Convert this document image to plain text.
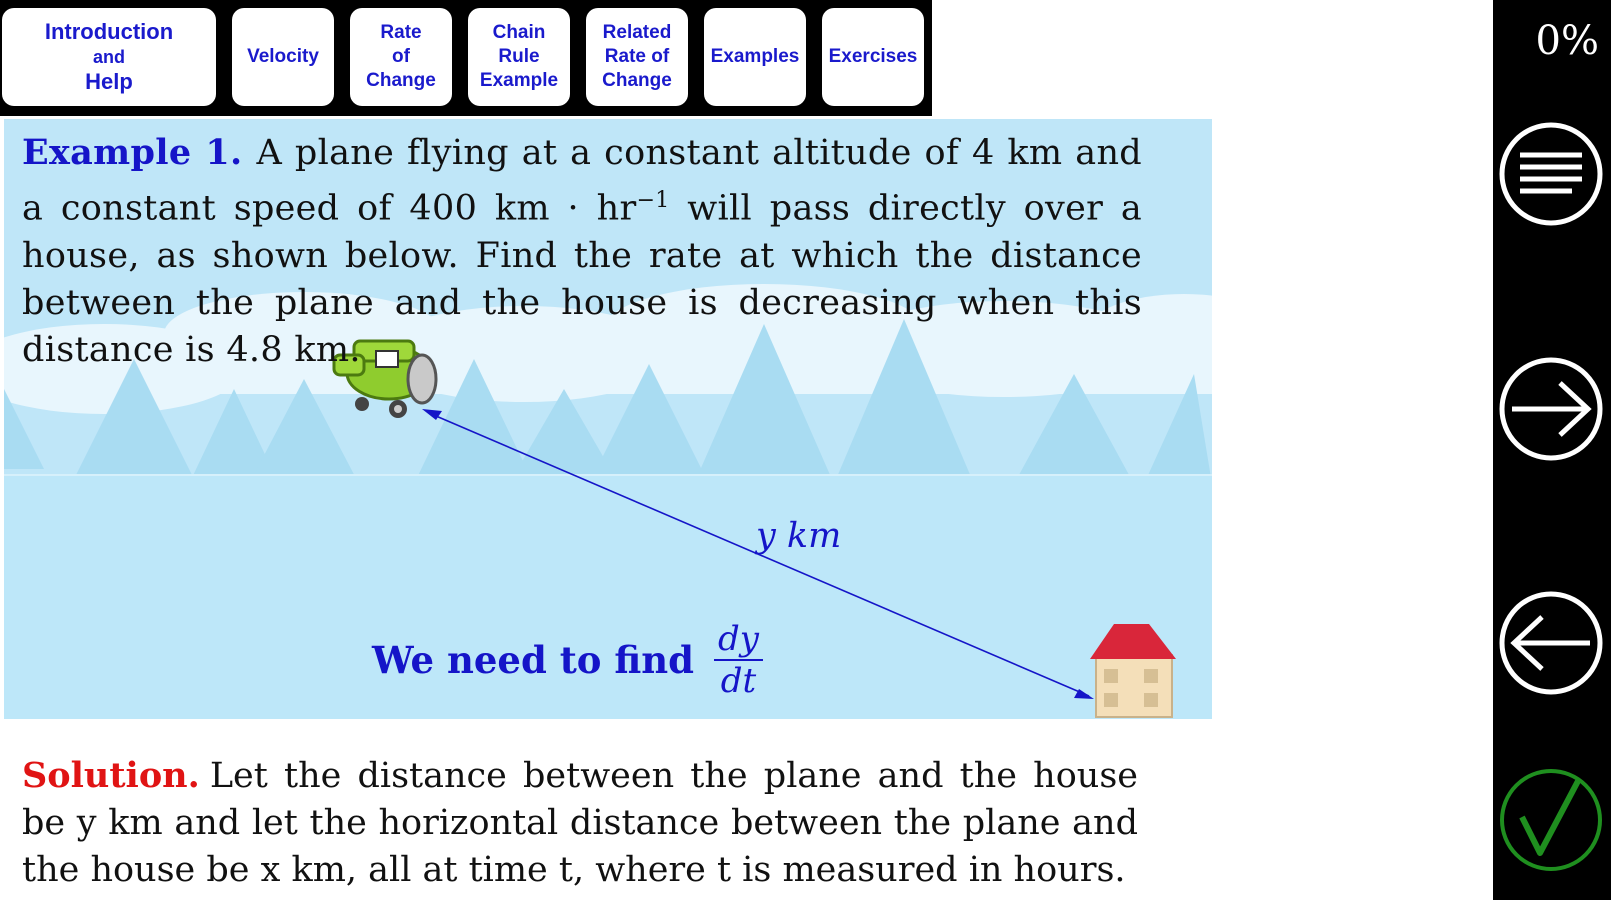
Introduction
and
Help
Velocity
Rate
of
Change
Chain
Rule
Example
Related
Rate of
Change
Examples Exercises	0%
Example 1. A plane flying at a constant altitude of 4 km and a constant speed of 400 km · $hr^{-1}$ will pass directly over a house, as shown below. Find the rate at which the distance between the plane and the house is decreasing when this distance is 4.8 km.
y km
We need to find $\frac{dy}{dt}$
Solution. Let the distance between the plane and the house be y km and let the horizontal distance between the plane and the house be x km, all at time t, where t is measured in hours.
